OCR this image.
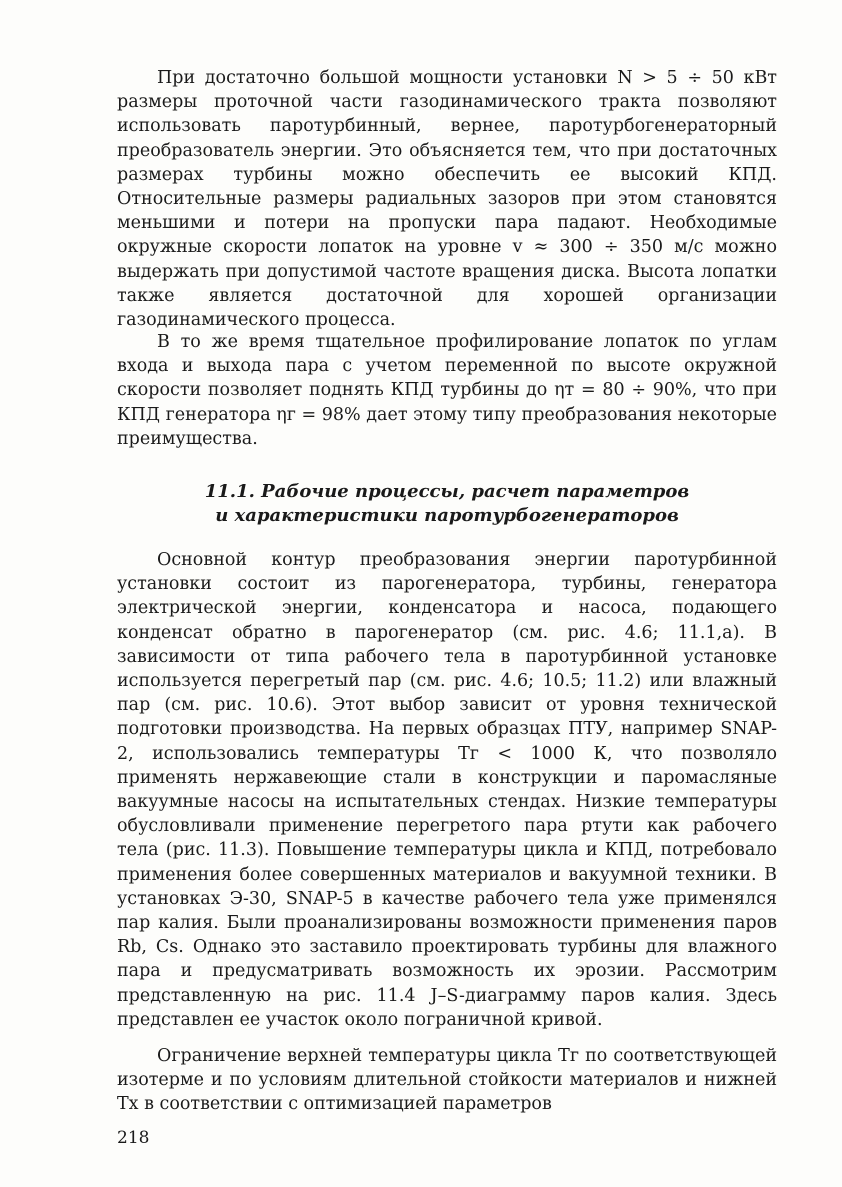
При достаточно большой мощности установки N > 5 ÷ 50 кВт размеры проточной части газодинамического тракта позволяют использовать паротурбинный, вернее, паротурбогенераторный преобразователь энергии. Это объясняется тем, что при достаточных размерах турбины можно обеспечить ее высокий КПД. Относительные размеры радиальных зазоров при этом становятся меньшими и потери на пропуски пара падают. Необходимые окружные скорости лопаток на уровне v ≈ 300 ÷ 350 м/с можно выдержать при допустимой частоте вращения диска. Высота лопатки также является достаточной для хорошей организации газодинамического процесса.

В то же время тщательное профилирование лопаток по углам входа и выхода пара с учетом переменной по высоте окружной скорости позволяет поднять КПД турбины до ηт = 80 ÷ 90%, что при КПД генератора ηг = 98% дает этому типу преобразования некоторые преимущества.

11.1. Рабочие процессы, расчет параметров
и характеристики паротурбогенераторов

Основной контур преобразования энергии паротурбинной установки состоит из парогенератора, турбины, генератора электрической энергии, конденсатора и насоса, подающего конденсат обратно в парогенератор (см. рис. 4.6; 11.1,а). В зависимости от типа рабочего тела в паротурбинной установке используется перегретый пар (см. рис. 4.6; 10.5; 11.2) или влажный пар (см. рис. 10.6). Этот выбор зависит от уровня технической подготовки производства. На первых образцах ПТУ, например SNAP-2, использовались температуры Tг < 1000 К, что позволяло применять нержавеющие стали в конструкции и паромасляные вакуумные насосы на испытательных стендах. Низкие температуры обусловливали применение перегретого пара ртути как рабочего тела (рис. 11.3). Повышение температуры цикла и КПД, потребовало применения более совершенных материалов и вакуумной техники. В установках Э-30, SNAP-5 в качестве рабочего тела уже применялся пар калия. Были проанализированы возможности применения паров Rb, Cs. Однако это заставило проектировать турбины для влажного пара и предусматривать возможность их эрозии. Рассмотрим представленную на рис. 11.4 J–S-диаграмму паров калия. Здесь представлен ее участок около пограничной кривой.

Ограничение верхней температуры цикла Tг по соответствующей изотерме и по условиям длительной стойкости материалов и нижней Tх в соответствии с оптимизацией параметров

218
